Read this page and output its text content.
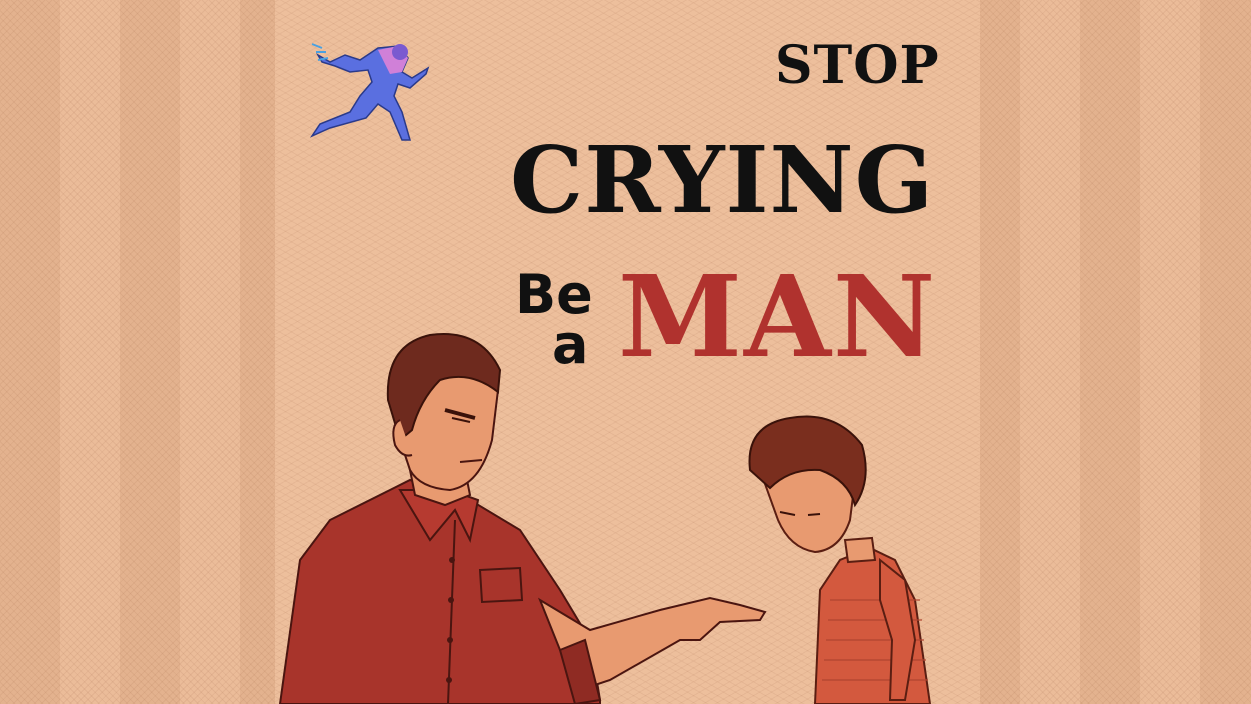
STOP
CRYING
Be
a MAN
